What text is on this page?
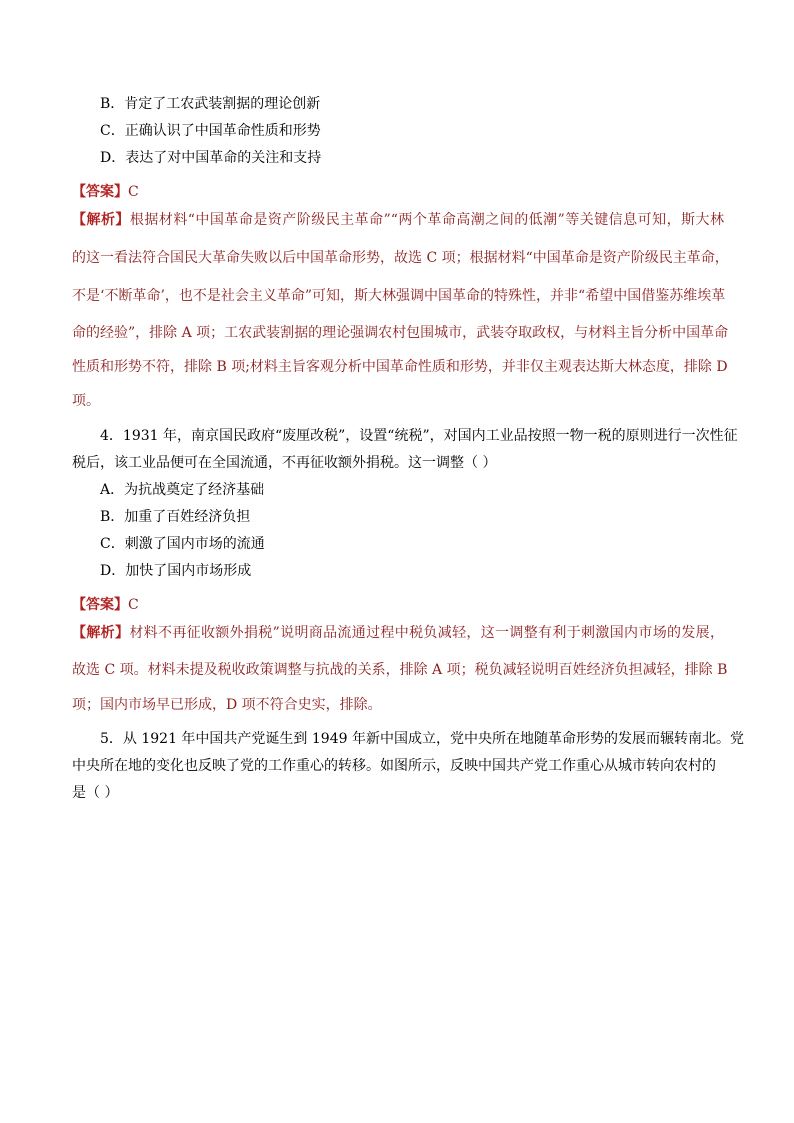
B．肯定了工农武装割据的理论创新
C．正确认识了中国革命性质和形势
D．表达了对中国革命的关注和支持
【答案】C
【解析】根据材料“中国革命是资产阶级民主革命”“两个革命高潮之间的低潮”等关键信息可知，斯大林
的这一看法符合国民大革命失败以后中国革命形势，故选 C 项；根据材料“中国革命是资产阶级民主革命，
不是‘不断革命’，也不是社会主义革命”可知，斯大林强调中国革命的特殊性，并非“希望中国借鉴苏维埃革
命的经验”，排除 A 项；工农武装割据的理论强调农村包围城市，武装夺取政权，与材料主旨分析中国革命
性质和形势不符，排除 B 项;材料主旨客观分析中国革命性质和形势，并非仅主观表达斯大林态度，排除 D
项。
4．1931 年，南京国民政府“废厘改税”，设置“统税”，对国内工业品按照一物一税的原则进行一次性征
税后，该工业品便可在全国流通，不再征收额外捐税。这一调整（ ）
A．为抗战奠定了经济基础
B．加重了百姓经济负担
C．刺激了国内市场的流通
D．加快了国内市场形成
【答案】C
【解析】材料不再征收额外捐税”说明商品流通过程中税负减轻，这一调整有利于刺激国内市场的发展，
故选 C 项。材料未提及税收政策调整与抗战的关系，排除 A 项；税负减轻说明百姓经济负担减轻，排除 B
项；国内市场早已形成，D 项不符合史实，排除。
5．从 1921 年中国共产党诞生到 1949 年新中国成立，党中央所在地随革命形势的发展而辗转南北。党
中央所在地的变化也反映了党的工作重心的转移。如图所示，反映中国共产党工作重心从城市转向农村的
是（ ）
